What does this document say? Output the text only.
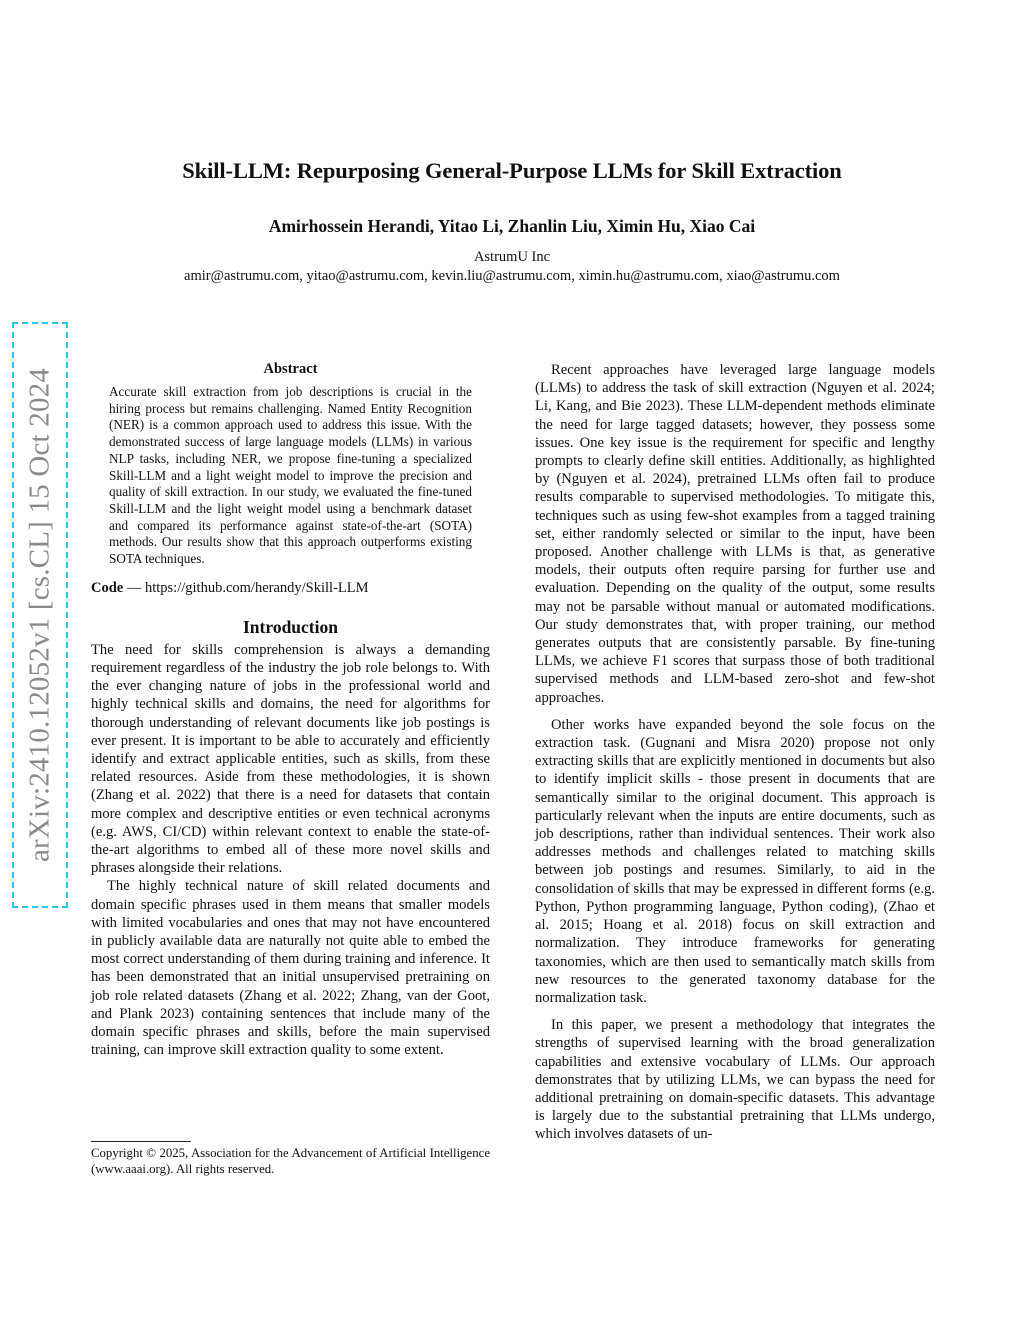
Skill-LLM: Repurposing General-Purpose LLMs for Skill Extraction
Amirhossein Herandi, Yitao Li, Zhanlin Liu, Ximin Hu, Xiao Cai
AstrumU Inc
amir@astrumu.com, yitao@astrumu.com, kevin.liu@astrumu.com, ximin.hu@astrumu.com, xiao@astrumu.com
arXiv:2410.12052v1 [cs.CL] 15 Oct 2024	Abstract
Accurate skill extraction from job descriptions is crucial in the hiring process but remains challenging. Named Entity Recognition (NER) is a common approach used to address this issue. With the demonstrated success of large language models (LLMs) in various NLP tasks, including NER, we propose fine-tuning a specialized Skill-LLM and a light weight model to improve the precision and quality of skill extraction. In our study, we evaluated the fine-tuned Skill-LLM and the light weight model using a benchmark dataset and compared its performance against state-of-the-art (SOTA) methods. Our results show that this approach outperforms existing SOTA techniques.
Code — https://github.com/herandy/Skill-LLM
Introduction

The need for skills comprehension is always a demanding requirement regardless of the industry the job role belongs to. With the ever changing nature of jobs in the professional world and highly technical skills and domains, the need for algorithms for thorough understanding of relevant documents like job postings is ever present. It is important to be able to accurately and efficiently identify and extract applicable entities, such as skills, from these related resources. Aside from these methodologies, it is shown (Zhang et al. 2022) that there is a need for datasets that contain more complex and descriptive entities or even technical acronyms (e.g. AWS, CI/CD) within relevant context to enable the state-of-the-art algorithms to embed all of these more novel skills and phrases alongside their relations.

The highly technical nature of skill related documents and domain specific phrases used in them means that smaller models with limited vocabularies and ones that may not have encountered in publicly available data are naturally not quite able to embed the most correct understanding of them during training and inference. It has been demonstrated that an initial unsupervised pretraining on job role related datasets (Zhang et al. 2022; Zhang, van der Goot, and Plank 2023) containing sentences that include many of the domain specific phrases and skills, before the main supervised training, can improve skill extraction quality to some extent.

Copyright © 2025, Association for the Advancement of Artificial Intelligence (www.aaai.org). All rights reserved.

Recent approaches have leveraged large language models (LLMs) to address the task of skill extraction (Nguyen et al. 2024; Li, Kang, and Bie 2023). These LLM-dependent methods eliminate the need for large tagged datasets; however, they possess some issues. One key issue is the requirement for specific and lengthy prompts to clearly define skill entities. Additionally, as highlighted by (Nguyen et al. 2024), pretrained LLMs often fail to produce results comparable to supervised methodologies. To mitigate this, techniques such as using few-shot examples from a tagged training set, either randomly selected or similar to the input, have been proposed. Another challenge with LLMs is that, as generative models, their outputs often require parsing for further use and evaluation. Depending on the quality of the output, some results may not be parsable without manual or automated modifications. Our study demonstrates that, with proper training, our method generates outputs that are consistently parsable. By fine-tuning LLMs, we achieve F1 scores that surpass those of both traditional supervised methods and LLM-based zero-shot and few-shot approaches.

Other works have expanded beyond the sole focus on the extraction task. (Gugnani and Misra 2020) propose not only extracting skills that are explicitly mentioned in documents but also to identify implicit skills - those present in documents that are semantically similar to the original document. This approach is particularly relevant when the inputs are entire documents, such as job descriptions, rather than individual sentences. Their work also addresses methods and challenges related to matching skills between job postings and resumes. Similarly, to aid in the consolidation of skills that may be expressed in different forms (e.g. Python, Python programming language, Python coding), (Zhao et al. 2015; Hoang et al. 2018) focus on skill extraction and normalization. They introduce frameworks for generating taxonomies, which are then used to semantically match skills from new resources to the generated taxonomy database for the normalization task.

In this paper, we present a methodology that integrates the strengths of supervised learning with the broad generalization capabilities and extensive vocabulary of LLMs. Our approach demonstrates that by utilizing LLMs, we can bypass the need for additional pretraining on domain-specific datasets. This advantage is largely due to the substantial pretraining that LLMs undergo, which involves datasets of un-
